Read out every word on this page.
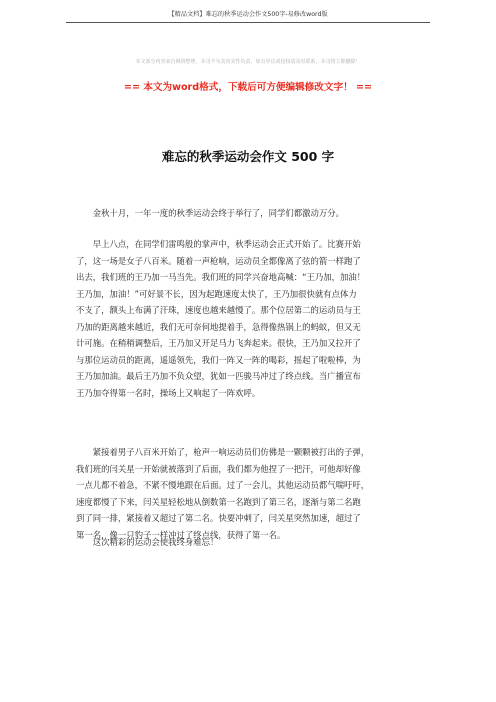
【精品文档】难忘的秋季运动会作文500字-易修改word版
本文部分内容来自网络整理，本司不为其真实性负责，如有异议或侵权请及时联系，本司将立即删除！
== 本文为word格式，下载后可方便编辑修改文字！ ==
难忘的秋季运动会作文 500 字
　　金秋十月，一年一度的秋季运动会终于举行了，同学们都激动万分。
　　早上八点，在同学们雷鸣般的掌声中，秋季运动会正式开始了。比赛开始
了，这一场是女子八百米。随着一声枪响，运动员全都像离了弦的箭一样跑了
出去，我们班的王乃加一马当先。我们班的同学兴奋地高喊：“王乃加，加油！
王乃加，加油！”可好景不长，因为起跑速度太快了，王乃加很快就有点体力
不支了，额头上布满了汗珠，速度也越来越慢了。那个位居第二的运动员与王
乃加的距离越来越近，我们无可奈何地提着手，急得像热锅上的蚂蚁，但又无
计可施。在稍稍调整后，王乃加又开足马力飞奔起来。很快，王乃加又拉开了
与那位运动员的距离，遥遥领先，我们一阵又一阵的喝彩，摇起了啦啦棒，为
王乃加加油。最后王乃加不负众望，犹如一匹骏马冲过了终点线。当广播宣布
王乃加夺得第一名时，操场上又响起了一阵欢呼。
　　紧接着男子八百米开始了，枪声一响运动员们仿佛是一颗颗被打出的子弹，
我们班的闫关星一开始就被落到了后面，我们都为他捏了一把汗，可他却好像
一点儿都不着急，不紧不慢地跟在后面。过了一会儿，其他运动员都气喘吁吁，
速度都慢了下来，闫关星轻松地从倒数第一名跑到了第三名，逐渐与第二名跑
到了同一排，紧接着又超过了第二名。快要冲刺了，闫关星突然加速，超过了
第一名，像一只豹子一样冲过了终点线，获得了第一名。
　　这次精彩的运动会使我终身难忘！
